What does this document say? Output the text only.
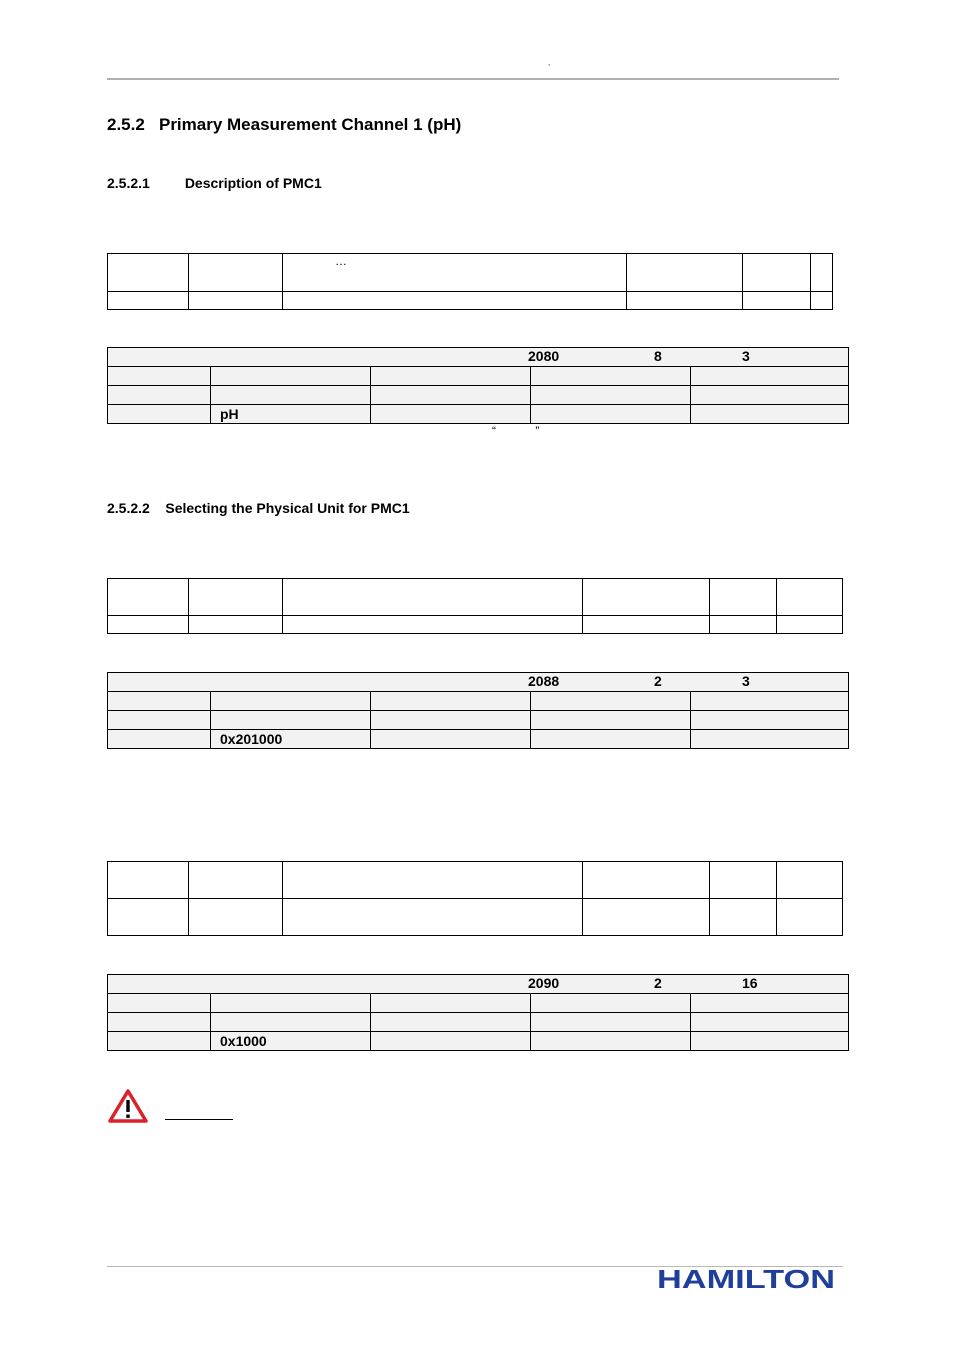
,
2.5.2   Primary Measurement Channel 1 (pH)
2.5.2.1         Description of PMC1
		…			

2080 8 3				

	pH			
“ ”
2.5.2.2    Selecting the Physical Unit for PMC1

2088 2 3				

	0x201000			

2090 2 16				

	0x1000			
HAMILTON
